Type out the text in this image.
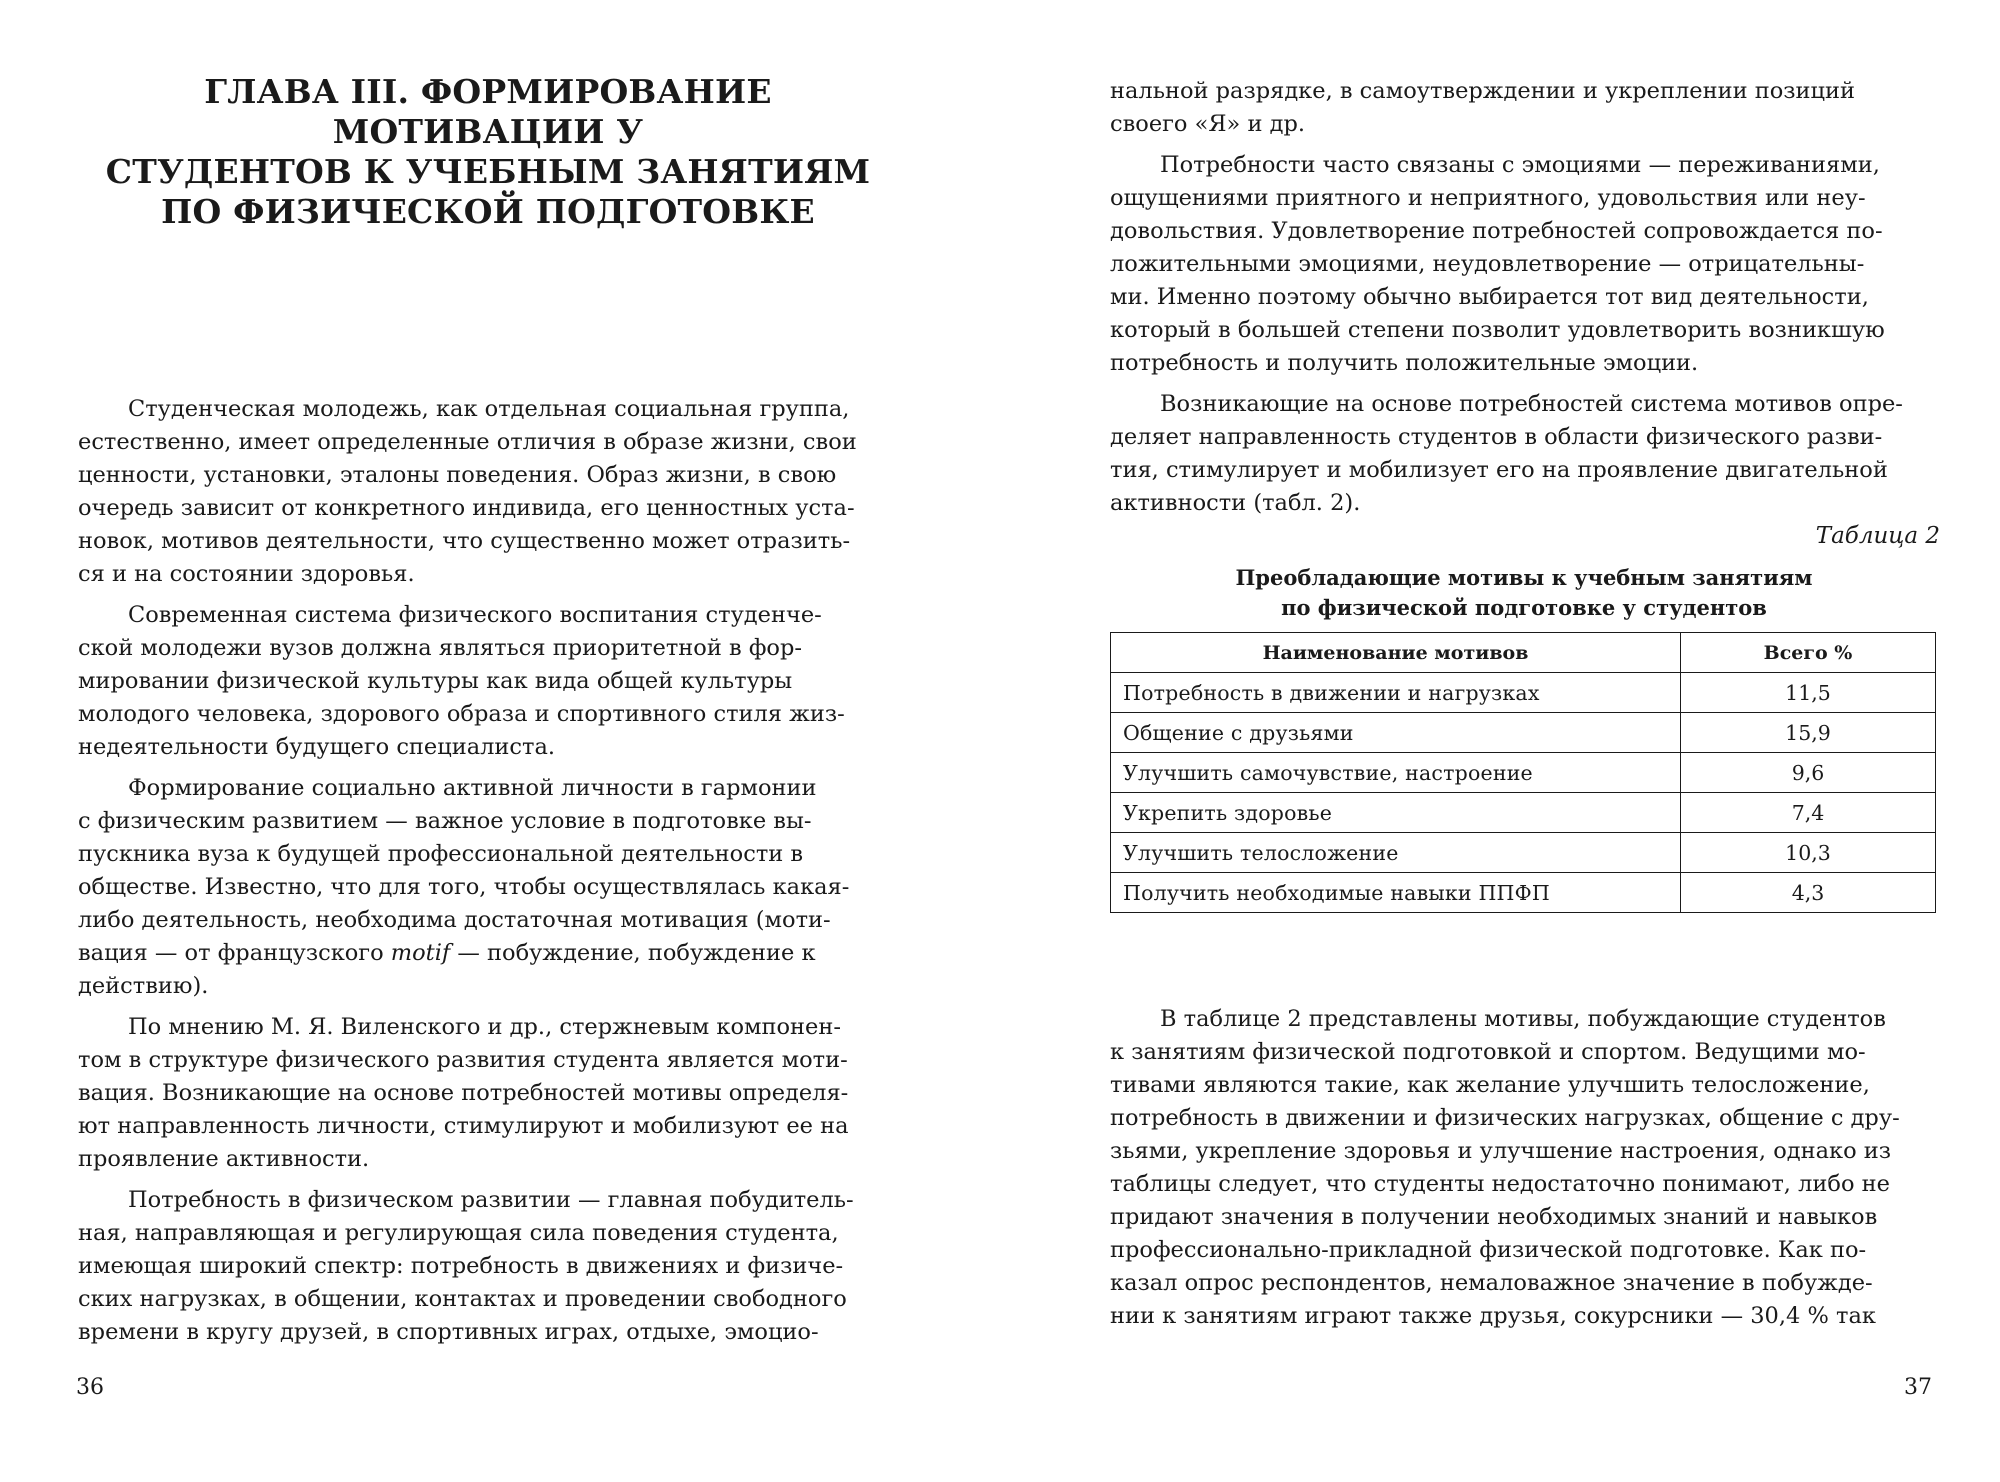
ГЛАВА III. ФОРМИРОВАНИЕ МОТИВАЦИИ У
СТУДЕНТОВ К УЧЕБНЫМ ЗАНЯТИЯМ
ПО ФИЗИЧЕСКОЙ ПОДГОТОВКЕ

Студенческая молодежь, как отдельная социальная группа,
естественно, имеет определенные отличия в образе жизни, свои
ценности, установки, эталоны поведения. Образ жизни, в свою
очередь зависит от конкретного индивида, его ценностных уста-
новок, мотивов деятельности, что существенно может отразить-
ся и на состоянии здоровья.

Современная система физического воспитания студенче-
ской молодежи вузов должна являться приоритетной в фор-
мировании физической культуры как вида общей культуры
молодого человека, здорового образа и спортивного стиля жиз-
недеятельности будущего специалиста.

Формирование социально активной личности в гармонии
с физическим развитием — важное условие в подготовке вы-
пускника вуза к будущей профессиональной деятельности в
обществе. Известно, что для того, чтобы осуществлялась какая-
либо деятельность, необходима достаточная мотивация (моти-
вация — от французского motif — побуждение, побуждение к
действию).

По мнению М. Я. Виленского и др., стержневым компонен-
том в структуре физического развития студента является моти-
вация. Возникающие на основе потребностей мотивы определя-
ют направленность личности, стимулируют и мобилизуют ее на
проявление активности.

Потребность в физическом развитии — главная побудитель-
ная, направляющая и регулирующая сила поведения студента,
имеющая широкий спектр: потребность в движениях и физиче-
ских нагрузках, в общении, контактах и проведении свободного
времени в кругу друзей, в спортивных играх, отдыхе, эмоцио-

36

нальной разрядке, в самоутверждении и укреплении позиций
своего «Я» и др.

Потребности часто связаны с эмоциями — переживаниями,
ощущениями приятного и неприятного, удовольствия или неу-
довольствия. Удовлетворение потребностей сопровождается по-
ложительными эмоциями, неудовлетворение — отрицательны-
ми. Именно поэтому обычно выбирается тот вид деятельности,
который в большей степени позволит удовлетворить возникшую
потребность и получить положительные эмоции.

Возникающие на основе потребностей система мотивов опре-
деляет направленность студентов в области физического разви-
тия, стимулирует и мобилизует его на проявление двигательной
активности (табл. 2).

Таблица 2
Преобладающие мотивы к учебным занятиям
по физической подготовке у студентов
Наименование мотивов	Всего %
Потребность в движении и нагрузках	11,5
Общение с друзьями	15,9
Улучшить самочувствие, настроение	9,6
Укрепить здоровье	7,4
Улучшить телосложение	10,3
Получить необходимые навыки ППФП	4,3

В таблице 2 представлены мотивы, побуждающие студентов
к занятиям физической подготовкой и спортом. Ведущими мо-
тивами являются такие, как желание улучшить телосложение,
потребность в движении и физических нагрузках, общение с дру-
зьями, укрепление здоровья и улучшение настроения, однако из
таблицы следует, что студенты недостаточно понимают, либо не
придают значения в получении необходимых знаний и навыков
профессионально-прикладной физической подготовке. Как по-
казал опрос респондентов, немаловажное значение в побужде-
нии к занятиям играют также друзья, сокурсники — 30,4 % так

37
